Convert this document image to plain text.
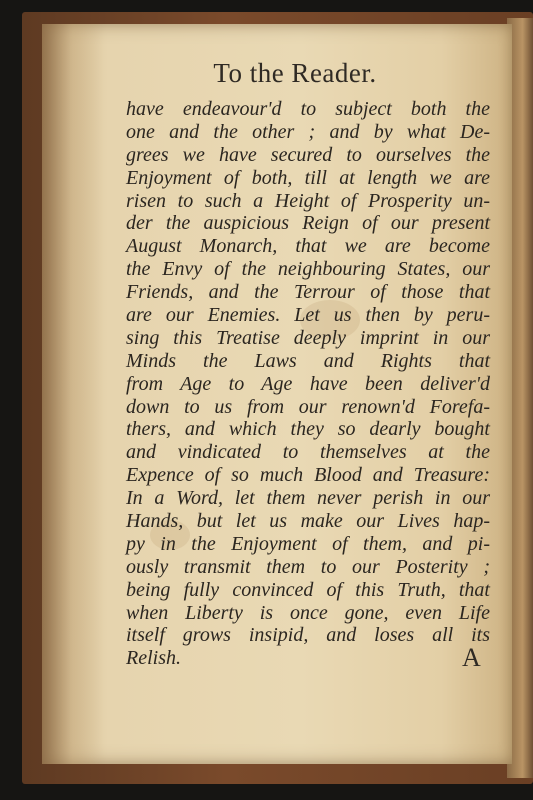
To the Reader.
have endeavour'd to subject both the
one and the other ; and by what De-
grees we have secured to ourselves the
Enjoyment of both, till at length we are
risen to such a Height of Prosperity un-
der the auspicious Reign of our present
August Monarch, that we are become
the Envy of the neighbouring States, our
Friends, and the Terrour of those that
are our Enemies. Let us then by peru-
sing this Treatise deeply imprint in our
Minds the Laws and Rights that
from Age to Age have been deliver'd
down to us from our renown'd Forefa-
thers, and which they so dearly bought
and vindicated to themselves at the
Expence of so much Blood and Treasure:
In a Word, let them never perish in our
Hands, but let us make our Lives hap-
py in the Enjoyment of them, and pi-
ously transmit them to our Posterity ;
being fully convinced of this Truth, that
when Liberty is once gone, even Life
itself grows insipid, and loses all its
Relish.	A
